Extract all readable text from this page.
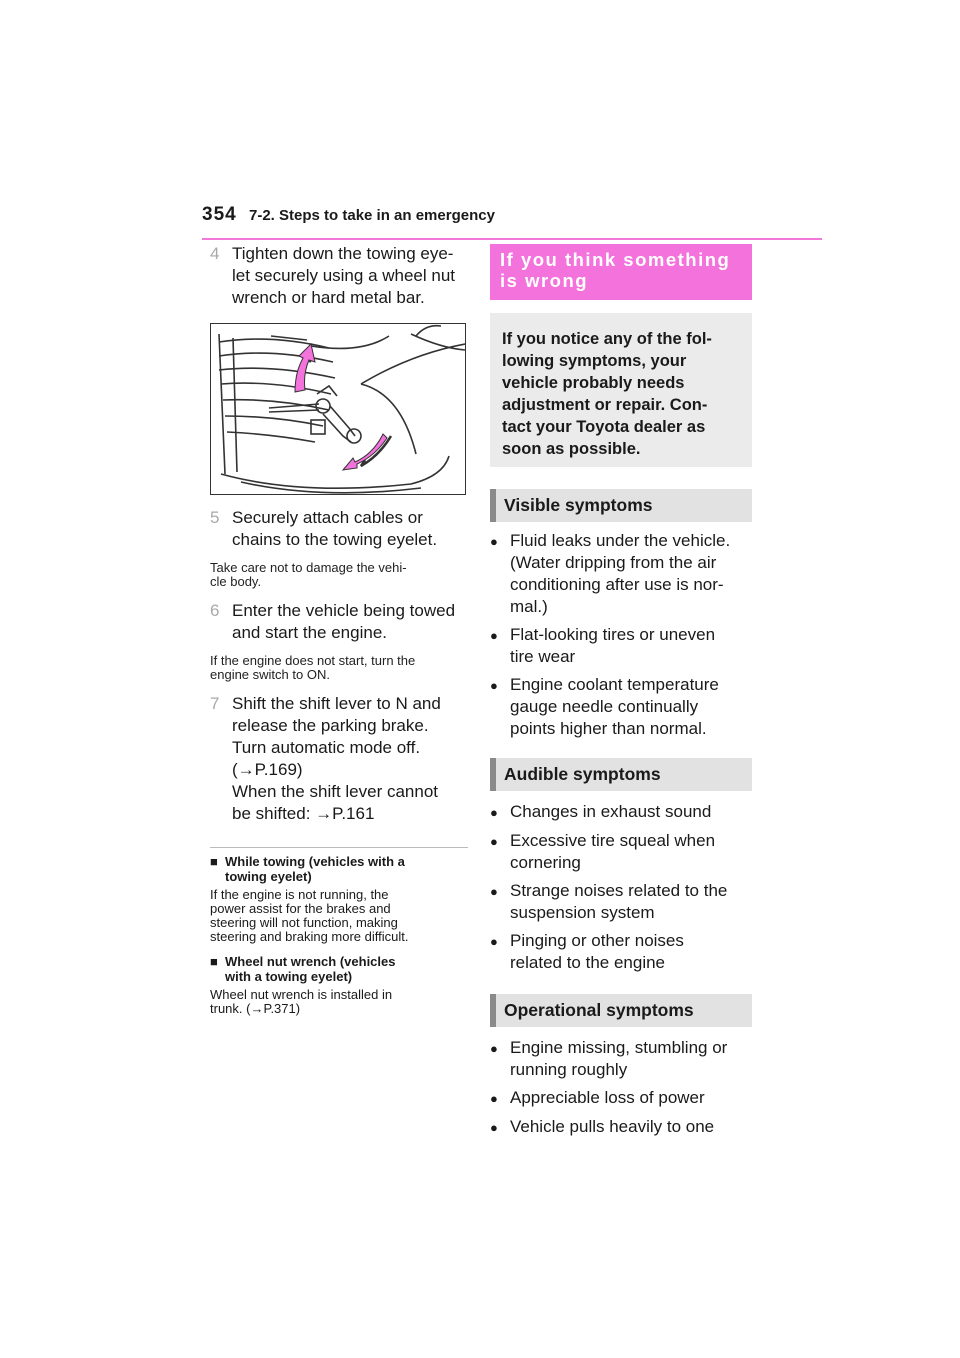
354 7-2. Steps to take in an emergency
4 Tighten down the towing eye-
let securely using a wheel nut
wrench or hard metal bar.
5 Securely attach cables or
chains to the towing eyelet.
Take care not to damage the vehi-
cle body.
6 Enter the vehicle being towed
and start the engine.
If the engine does not start, turn the
engine switch to ON.
7 Shift the shift lever to N and
release the parking brake.
Turn automatic mode off.
(→P.169)
When the shift lever cannot
be shifted: →P.161
■ While towing (vehicles with a
towing eyelet)
If the engine is not running, the
power assist for the brakes and
steering will not function, making
steering and braking more difficult.
■ Wheel nut wrench (vehicles
with a towing eyelet)
Wheel nut wrench is installed in
trunk. (→P.371)
If you think something
is wrong
If you notice any of the fol-
lowing symptoms, your
vehicle probably needs
adjustment or repair. Con-
tact your Toyota dealer as
soon as possible.
Visible symptoms
●
Fluid leaks under the vehicle.
(Water dripping from the air
conditioning after use is nor-
mal.)
●
Flat-looking tires or uneven
tire wear
●
Engine coolant temperature
gauge needle continually
points higher than normal.
Audible symptoms
●
Changes in exhaust sound
●
Excessive tire squeal when
cornering
●
Strange noises related to the
suspension system
●
Pinging or other noises
related to the engine
Operational symptoms
●
Engine missing, stumbling or
running roughly
●
Appreciable loss of power
●
Vehicle pulls heavily to one
